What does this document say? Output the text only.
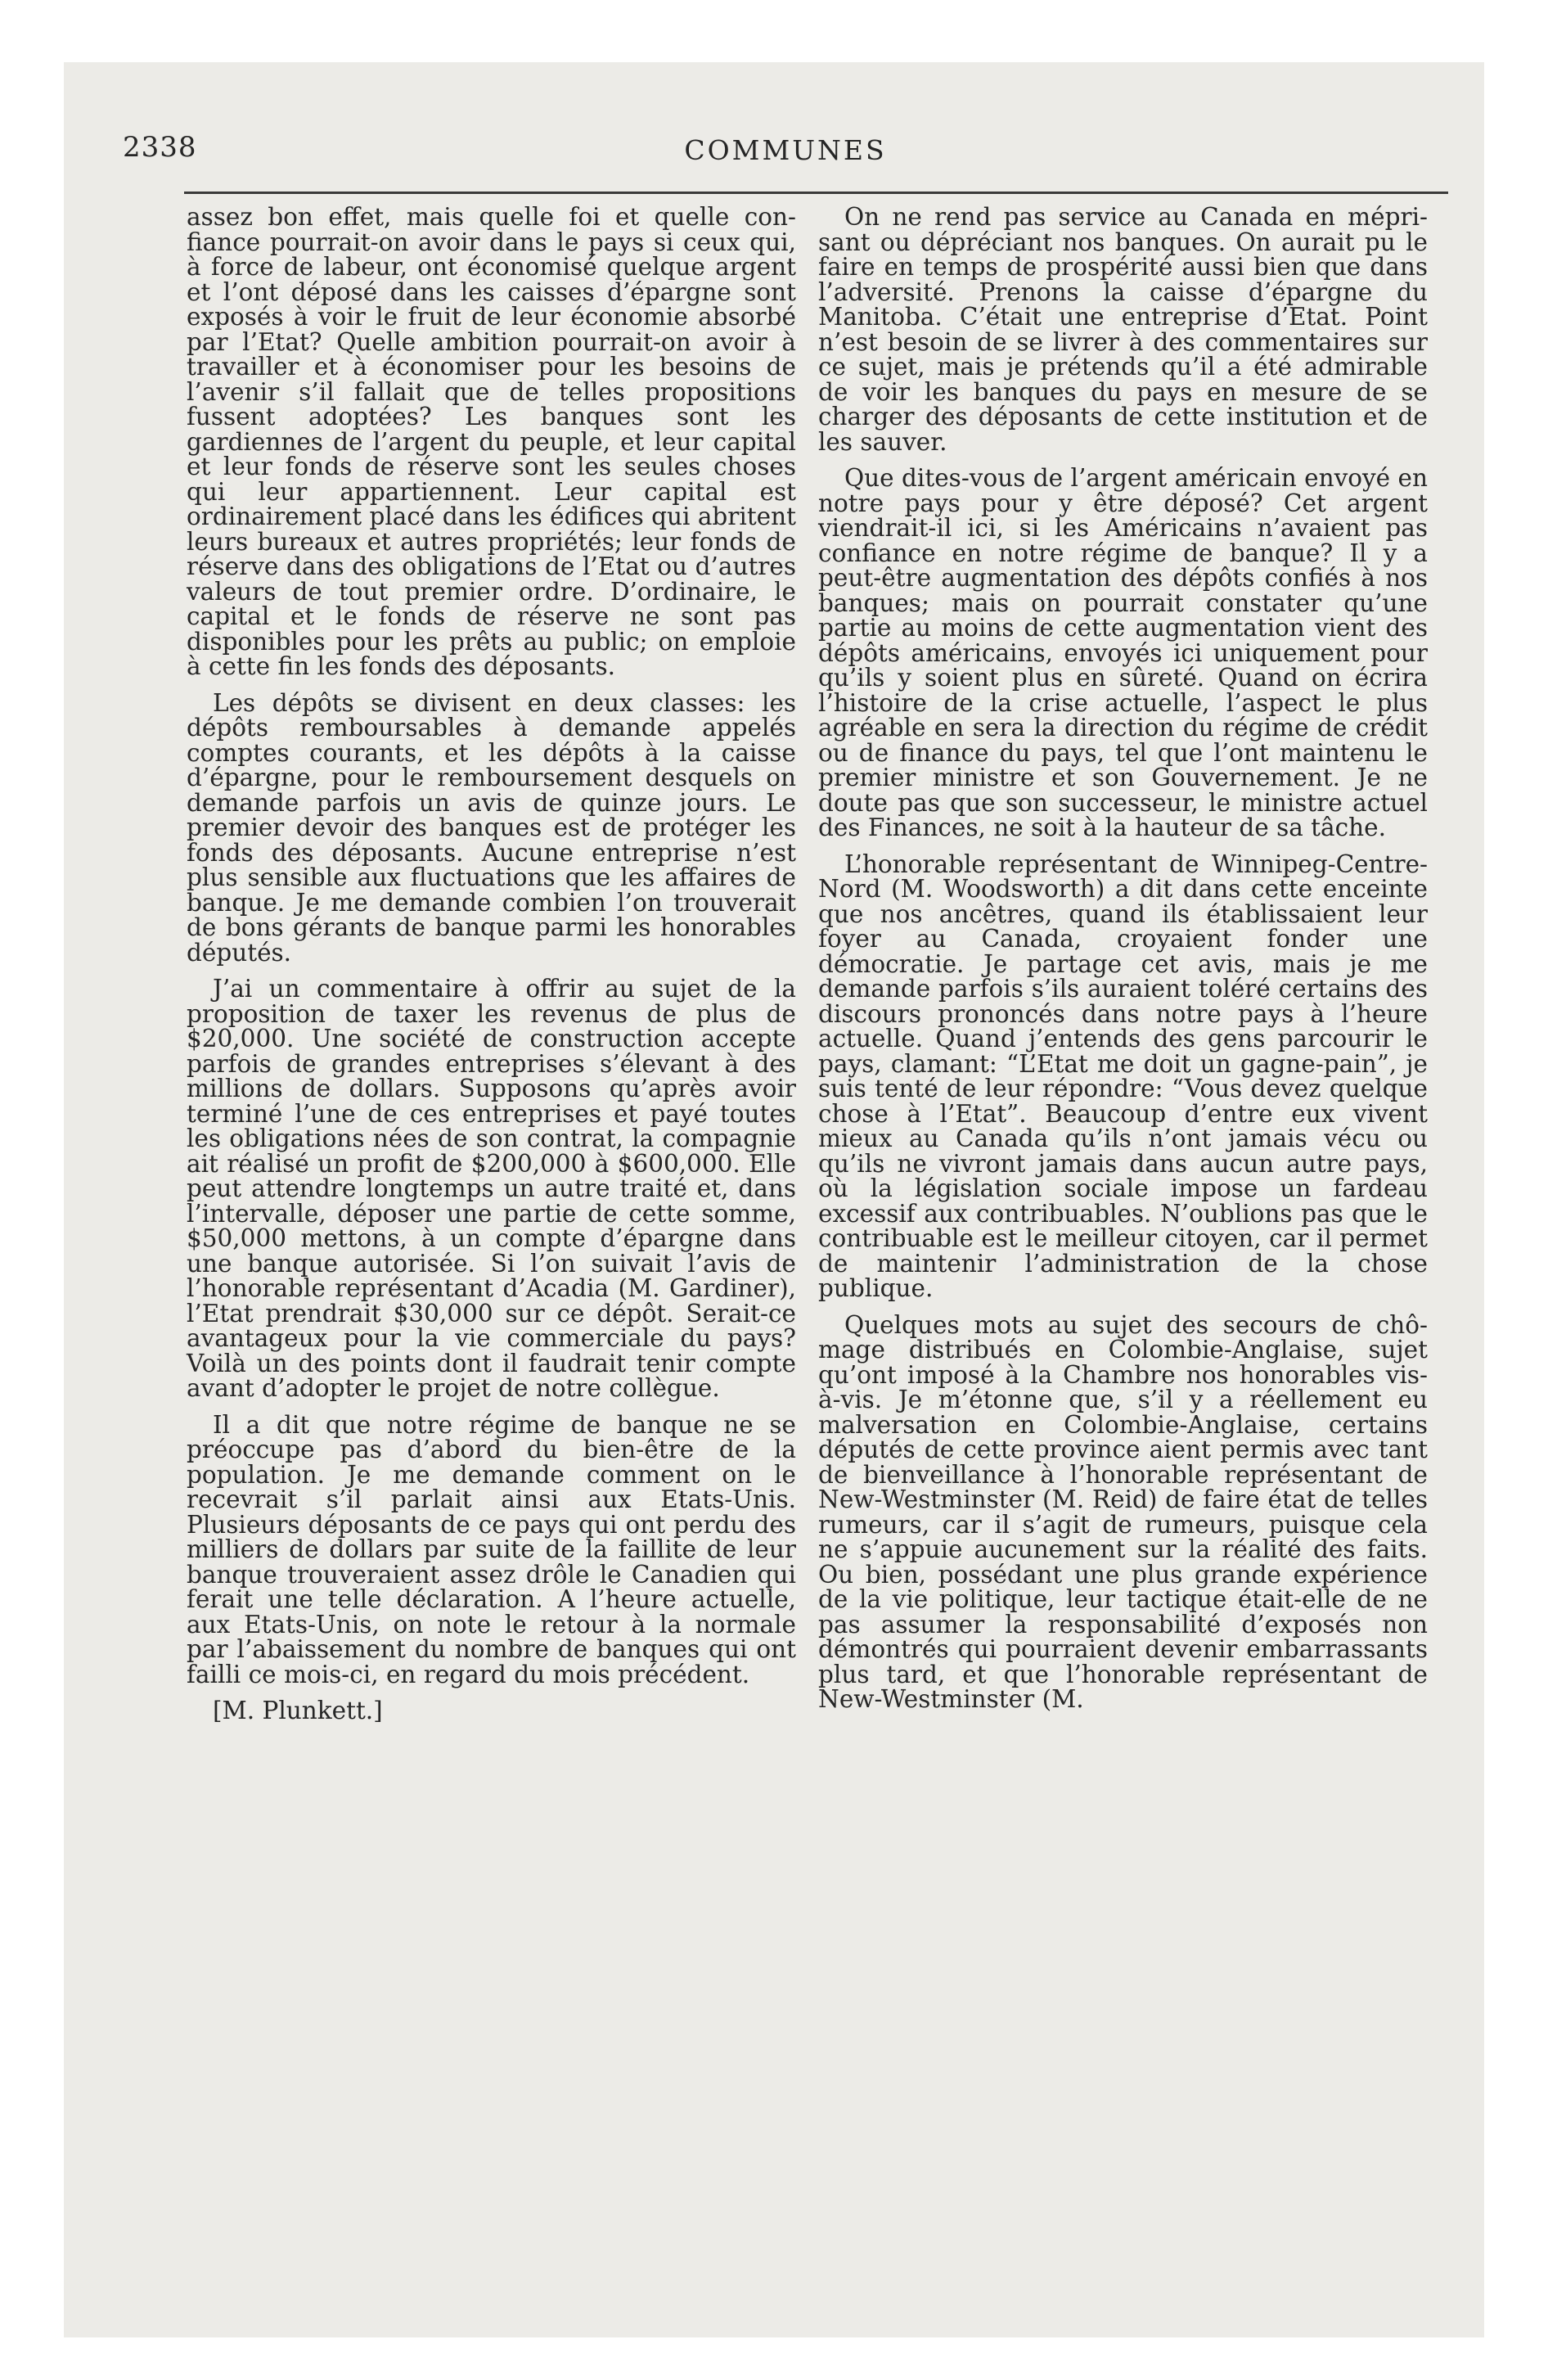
2338	COMMUNES

assez bon effet, mais quelle foi et quelle confiance pourrait-on avoir dans le pays si ceux qui, à force de labeur, ont économisé quelque argent et l’ont déposé dans les caisses d’épargne sont exposés à voir le fruit de leur économie absorbé par l’Etat? Quelle ambition pourrait-on avoir à travailler et à économiser pour les besoins de l’avenir s’il fallait que de telles propositions fussent adoptées? Les banques sont les gardiennes de l’argent du peuple, et leur capital et leur fonds de réserve sont les seules choses qui leur appartiennent. Leur capital est ordinairement placé dans les édifices qui abritent leurs bureaux et autres propriétés; leur fonds de réserve dans des obligations de l’Etat ou d’autres valeurs de tout premier ordre. D’ordinaire, le capital et le fonds de réserve ne sont pas disponibles pour les prêts au public; on emploie à cette fin les fonds des déposants.

Les dépôts se divisent en deux classes: les dépôts remboursables à demande appelés comptes courants, et les dépôts à la caisse d’épargne, pour le remboursement desquels on demande parfois un avis de quinze jours. Le premier devoir des banques est de protéger les fonds des déposants. Aucune entreprise n’est plus sensible aux fluctuations que les affaires de banque. Je me demande combien l’on trouverait de bons gérants de banque parmi les honorables députés.

J’ai un commentaire à offrir au sujet de la proposition de taxer les revenus de plus de $20,000. Une société de construction accepte parfois de grandes entreprises s’élevant à des millions de dollars. Supposons qu’après avoir terminé l’une de ces entreprises et payé toutes les obligations nées de son contrat, la compagnie ait réalisé un profit de $200,000 à $600,000. Elle peut attendre longtemps un autre traité et, dans l’intervalle, déposer une partie de cette somme, $50,000 mettons, à un compte d’épargne dans une banque autorisée. Si l’on suivait l’avis de l’honorable représentant d’Acadia (M. Gardiner), l’Etat prendrait $30,000 sur ce dépôt. Serait-ce avantageux pour la vie commerciale du pays? Voilà un des points dont il faudrait tenir compte avant d’adopter le projet de notre collègue.

Il a dit que notre régime de banque ne se préoccupe pas d’abord du bien-être de la population. Je me demande comment on le recevrait s’il parlait ainsi aux Etats-Unis. Plusieurs déposants de ce pays qui ont perdu des milliers de dollars par suite de la faillite de leur banque trouveraient assez drôle le Canadien qui ferait une telle déclaration. A l’heure actuelle, aux Etats-Unis, on note le retour à la normale par l’abaissement du nombre de banques qui ont failli ce mois-ci, en regard du mois précédent.

[M. Plunkett.]

On ne rend pas service au Canada en méprisant ou dépréciant nos banques. On aurait pu le faire en temps de prospérité aussi bien que dans l’adversité. Prenons la caisse d’épargne du Manitoba. C’était une entreprise d’Etat. Point n’est besoin de se livrer à des commentaires sur ce sujet, mais je prétends qu’il a été admirable de voir les banques du pays en mesure de se charger des déposants de cette institution et de les sauver.

Que dites-vous de l’argent américain envoyé en notre pays pour y être déposé? Cet argent viendrait-il ici, si les Américains n’avaient pas confiance en notre régime de banque? Il y a peut-être augmentation des dépôts confiés à nos banques; mais on pourrait constater qu’une partie au moins de cette augmentation vient des dépôts américains, envoyés ici uniquement pour qu’ils y soient plus en sûreté. Quand on écrira l’histoire de la crise actuelle, l’aspect le plus agréable en sera la direction du régime de crédit ou de finance du pays, tel que l’ont maintenu le premier ministre et son Gouvernement. Je ne doute pas que son successeur, le ministre actuel des Finances, ne soit à la hauteur de sa tâche.

L’honorable représentant de Winnipeg-Centre-Nord (M. Woodsworth) a dit dans cette enceinte que nos ancêtres, quand ils établissaient leur foyer au Canada, croyaient fonder une démocratie. Je partage cet avis, mais je me demande parfois s’ils auraient toléré certains des discours prononcés dans notre pays à l’heure actuelle. Quand j’entends des gens parcourir le pays, clamant: “L’Etat me doit un gagne-pain”, je suis tenté de leur répondre: “Vous devez quelque chose à l’Etat”. Beaucoup d’entre eux vivent mieux au Canada qu’ils n’ont jamais vécu ou qu’ils ne vivront jamais dans aucun autre pays, où la législation sociale impose un fardeau excessif aux contribuables. N’oublions pas que le contribuable est le meilleur citoyen, car il permet de maintenir l’administration de la chose publique.

Quelques mots au sujet des secours de chômage distribués en Colombie-Anglaise, sujet qu’ont imposé à la Chambre nos honorables vis-à-vis. Je m’étonne que, s’il y a réellement eu malversation en Colombie-Anglaise, certains députés de cette province aient permis avec tant de bienveillance à l’honorable représentant de New-Westminster (M. Reid) de faire état de telles rumeurs, car il s’agit de rumeurs, puisque cela ne s’appuie aucunement sur la réalité des faits. Ou bien, possédant une plus grande expérience de la vie politique, leur tactique était-elle de ne pas assumer la responsabilité d’exposés non démontrés qui pourraient devenir embarrassants plus tard, et que l’honorable représentant de New-Westminster (M.
